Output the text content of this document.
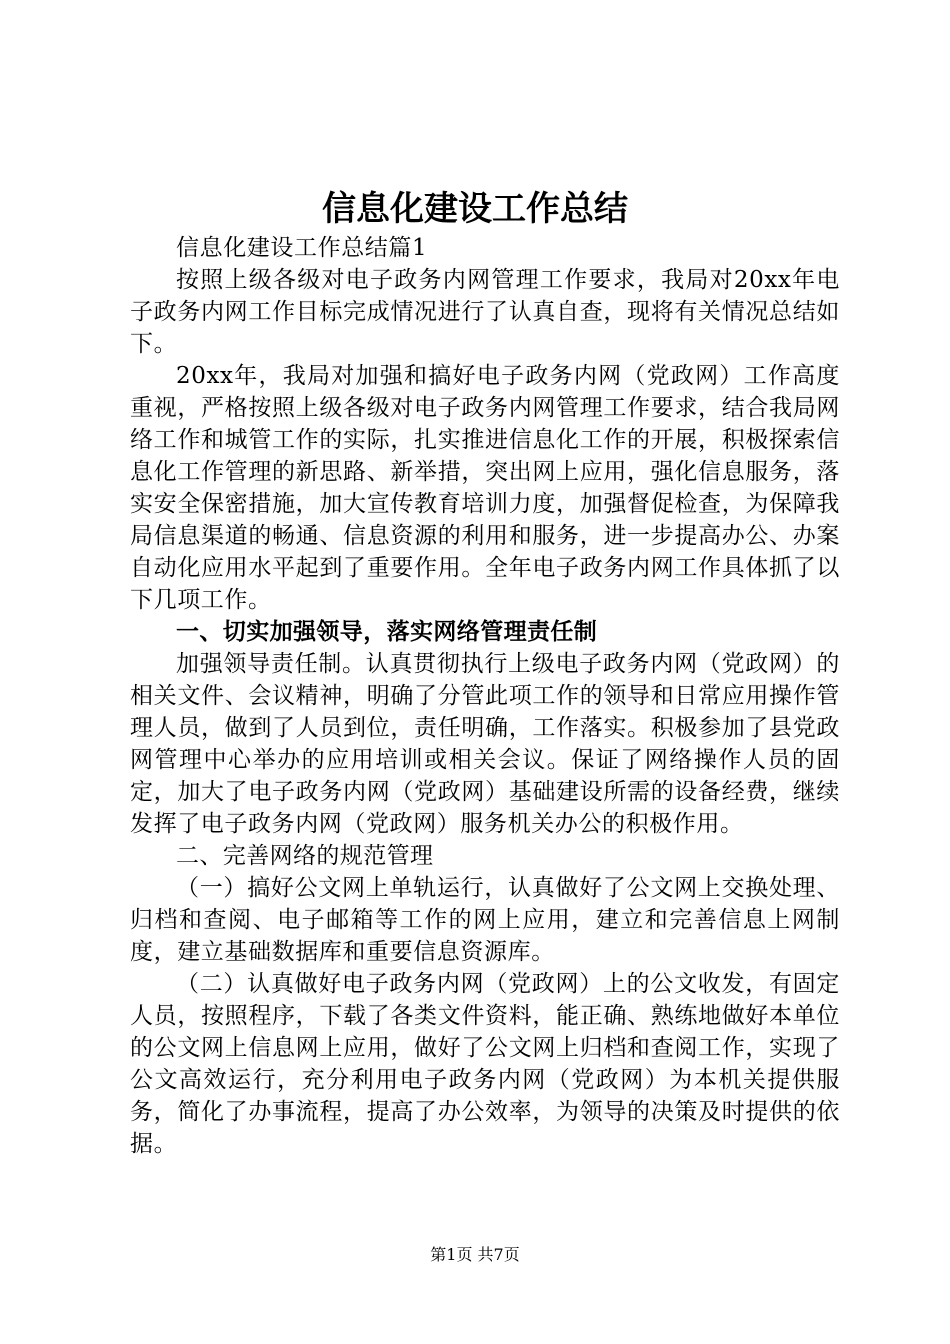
信息化建设工作总结

信息化建设工作总结篇1

按照上级各级对电子政务内网管理工作要求，我局对20xx年电子政务内网工作目标完成情况进行了认真自查，现将有关情况总结如下。

20xx年，我局对加强和搞好电子政务内网（党政网）工作高度重视，严格按照上级各级对电子政务内网管理工作要求，结合我局网络工作和城管工作的实际，扎实推进信息化工作的开展，积极探索信息化工作管理的新思路、新举措，突出网上应用，强化信息服务，落实安全保密措施，加大宣传教育培训力度，加强督促检查，为保障我局信息渠道的畅通、信息资源的利用和服务，进一步提高办公、办案自动化应用水平起到了重要作用。全年电子政务内网工作具体抓了以下几项工作。

一、切实加强领导，落实网络管理责任制

加强领导责任制。认真贯彻执行上级电子政务内网（党政网）的相关文件、会议精神，明确了分管此项工作的领导和日常应用操作管理人员，做到了人员到位，责任明确，工作落实。积极参加了县党政网管理中心举办的应用培训或相关会议。保证了网络操作人员的固定，加大了电子政务内网（党政网）基础建设所需的设备经费，继续发挥了电子政务内网（党政网）服务机关办公的积极作用。

二、完善网络的规范管理

（一）搞好公文网上单轨运行，认真做好了公文网上交换处理、归档和查阅、电子邮箱等工作的网上应用，建立和完善信息上网制度，建立基础数据库和重要信息资源库。

（二）认真做好电子政务内网（党政网）上的公文收发，有固定人员，按照程序，下载了各类文件资料，能正确、熟练地做好本单位的公文网上信息网上应用，做好了公文网上归档和查阅工作，实现了公文高效运行，充分利用电子政务内网（党政网）为本机关提供服务，简化了办事流程，提高了办公效率，为领导的决策及时提供的依据。

第1页 共7页
